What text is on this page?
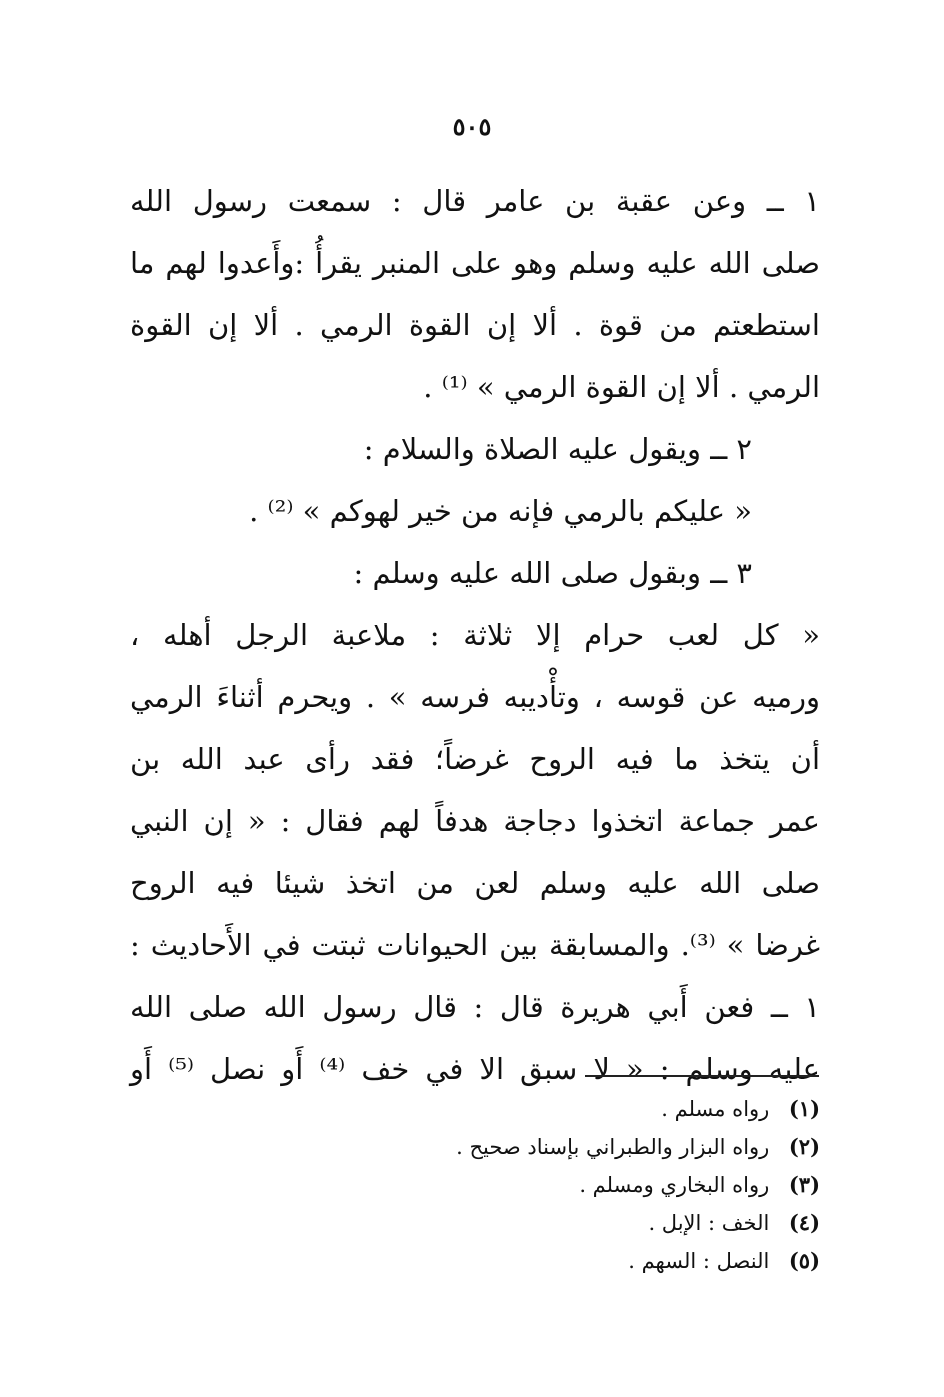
٥٠٥
١ ــ وعن عقبة بن عامر قال : سمعت رسول الله
صلى الله عليه وسلم وهو على المنبر يقرأُ :وأَعدوا لهم ما
استطعتم من قوة . ألا إن القوة الرمي . ألا إن القوة
الرمي . ألا إن القوة الرمي » ⁽¹⁾ .
٢ ــ ويقول عليه الصلاة والسلام :
« عليكم بالرمي فإنه من خير لهوكم » ⁽²⁾ .
٣ ــ وبقول صلى الله عليه وسلم :
« كل لعب حرام إلا ثلاثة : ملاعبة الرجل أهله ،
ورميه عن قوسه ، وتأْديبه فرسه » . ويحرم أثناءَ الرمي
أن يتخذ ما فيه الروح غرضاً؛ فقد رأى عبد الله بن
عمر جماعة اتخذوا دجاجة هدفاً لهم فقال : « إن النبي
صلى الله عليه وسلم لعن من اتخذ شيئا فيه الروح
غرضا » ⁽³⁾. والمسابقة بين الحيوانات ثبتت في الأَحاديث :
١ ــ فعن أَبي هريرة قال : قال رسول الله صلى الله
عليه وسلم : « لا سبق الا في خف ⁽⁴⁾ أَو نصل ⁽⁵⁾ أَو
(١) رواه مسلم .
(٢) رواه البزار والطبراني بإسناد صحيح .
(٣) رواه البخاري ومسلم .
(٤) الخف : الإبل .
(٥) النصل : السهم .
